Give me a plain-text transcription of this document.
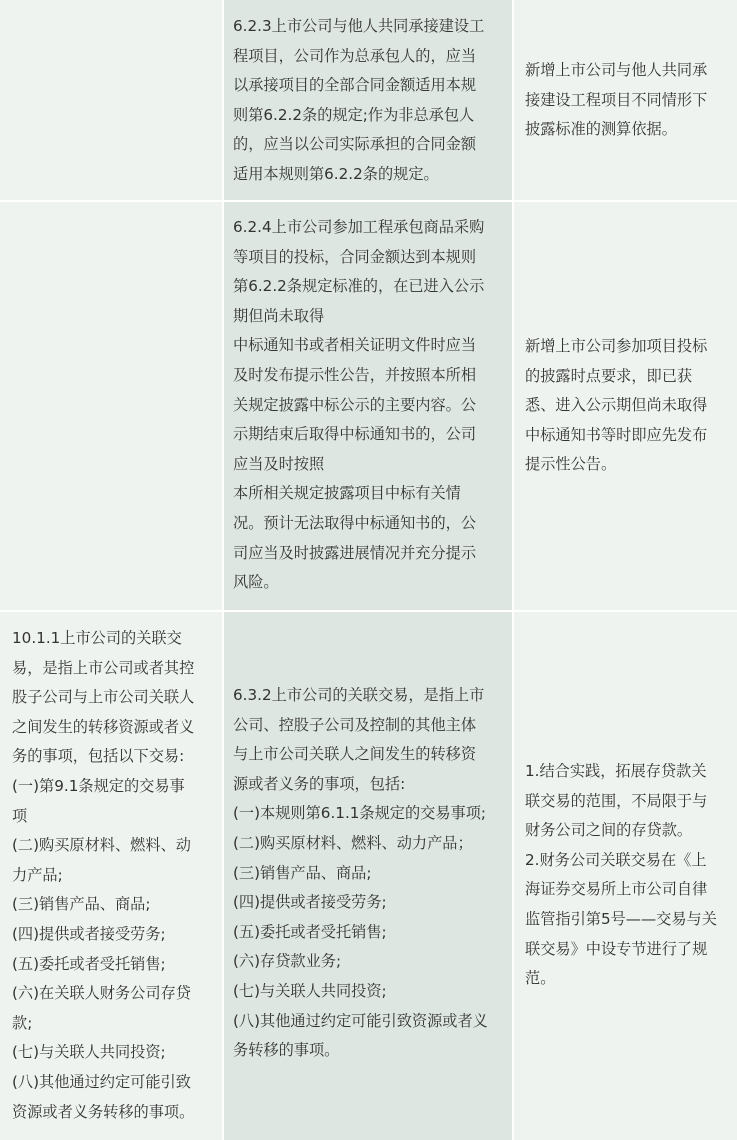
6.2.3上市公司与他人共同承接建设工
程项目，公司作为总承包人的，应当
以承接项目的全部合同金额适用本规
则第6.2.2条的规定;作为非总承包人
的，应当以公司实际承担的合同金额
适用本规则第6.2.2条的规定。
新增上市公司与他人共同承
接建设工程项目不同情形下
披露标准的测算依据。
6.2.4上市公司参加工程承包商品采购
等项目的投标，合同金额达到本规则
第6.2.2条规定标准的，在已进入公示
期但尚未取得
中标通知书或者相关证明文件时应当
及时发布提示性公告，并按照本所相
关规定披露中标公示的主要内容。公
示期结束后取得中标通知书的，公司
应当及时按照
本所相关规定披露项目中标有关情
况。预计无法取得中标通知书的，公
司应当及时披露进展情况并充分提示
风险。
新增上市公司参加项目投标
的披露时点要求，即已获
悉、进入公示期但尚未取得
中标通知书等时即应先发布
提示性公告。
10.1.1上市公司的关联交
易，是指上市公司或者其控
股子公司与上市公司关联人
之间发生的转移资源或者义
务的事项，包括以下交易:
(一)第9.1条规定的交易事
项
(二)购买原材料、燃料、动
力产品;
(三)销售产品、商品;
(四)提供或者接受劳务;
(五)委托或者受托销售;
(六)在关联人财务公司存贷
款;
(七)与关联人共同投资;
(八)其他通过约定可能引致
资源或者义务转移的事项。
6.3.2上市公司的关联交易，是指上市
公司、控股子公司及控制的其他主体
与上市公司关联人之间发生的转移资
源或者义务的事项，包括:
(一)本规则第6.1.1条规定的交易事项;
(二)购买原材料、燃料、动力产品；
(三)销售产品、商品;
(四)提供或者接受劳务;
(五)委托或者受托销售;
(六)存贷款业务;
(七)与关联人共同投资;
(八)其他通过约定可能引致资源或者义
务转移的事项。
1.结合实践，拓展存贷款关
联交易的范围，不局限于与
财务公司之间的存贷款。
2.财务公司关联交易在《上
海证券交易所上市公司自律
监管指引第5号——交易与关
联交易》中设专节进行了规
范。
